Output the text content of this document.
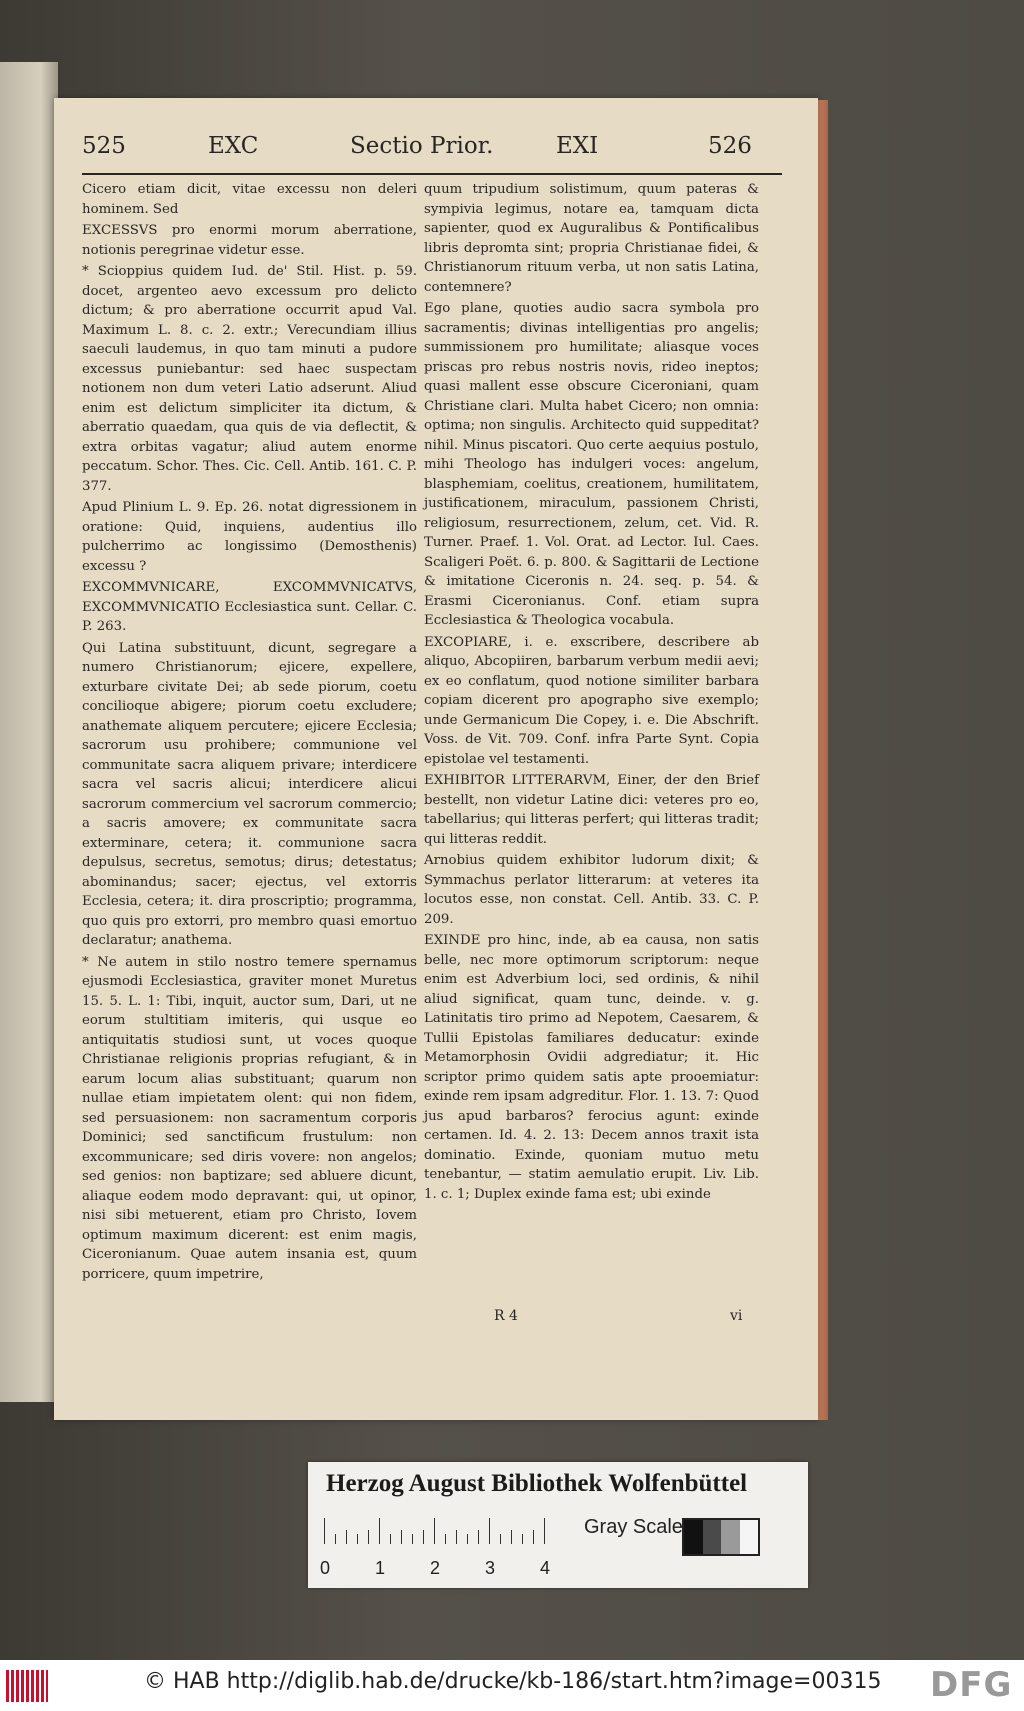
525	EXC	Sectio Prior.	EXI	526

Cicero etiam dicit, vitae excessu non deleri hominem. Sed

EXCESSVS pro enormi morum aberratione, notionis peregrinae videtur esse.

* Scioppius quidem Iud. de' Stil. Hist. p. 59. docet, argenteo aevo excessum pro delicto dictum; & pro aberratione occurrit apud Val. Maximum L. 8. c. 2. extr.; Verecundiam illius saeculi laudemus, in quo tam minuti a pudore excessus puniebantur: sed haec suspectam notionem non dum veteri Latio adserunt. Aliud enim est delictum simpliciter ita dictum, & aberratio quaedam, qua quis de via deflectit, & extra orbitas vagatur; aliud autem enorme peccatum. Schor. Thes. Cic. Cell. Antib. 161. C. P. 377.

Apud Plinium L. 9. Ep. 26. notat digressionem in oratione: Quid, inquiens, audentius illo pulcherrimo ac longissimo (Demosthenis) excessu ?

EXCOMMVNICARE, EXCOMMVNICATVS, EXCOMMVNICATIO Ecclesiastica sunt. Cellar. C. P. 263.

Qui Latina substituunt, dicunt, segregare a numero Christianorum; ejicere, expellere, exturbare civitate Dei; ab sede piorum, coetu concilioque abigere; piorum coetu excludere; anathemate aliquem percutere; ejicere Ecclesia; sacrorum usu prohibere; communione vel communitate sacra aliquem privare; interdicere sacra vel sacris alicui; interdicere alicui sacrorum commercium vel sacrorum commercio; a sacris amovere; ex communitate sacra exterminare, cetera; it. communione sacra depulsus, secretus, semotus; dirus; detestatus; abominandus; sacer; ejectus, vel extorris Ecclesia, cetera; it. dira proscriptio; programma, quo quis pro extorri, pro membro quasi emortuo declaratur; anathema.

* Ne autem in stilo nostro temere spernamus ejusmodi Ecclesiastica, graviter monet Muretus 15. 5. L. 1: Tibi, inquit, auctor sum, Dari, ut ne eorum stultitiam imiteris, qui usque eo antiquitatis studiosi sunt, ut voces quoque Christianae religionis proprias refugiant, & in earum locum alias substituant; quarum non nullae etiam impietatem olent: qui non fidem, sed persuasionem: non sacramentum corporis Dominici; sed sanctificum frustulum: non excommunicare; sed diris vovere: non angelos; sed genios: non baptizare; sed abluere dicunt, aliaque eodem modo depravant: qui, ut opinor, nisi sibi metuerent, etiam pro Christo, Iovem optimum maximum dicerent: est enim magis, Ciceronianum. Quae autem insania est, quum porricere, quum impetrire,

quum tripudium solistimum, quum pateras & sympivia legimus, notare ea, tamquam dicta sapienter, quod ex Auguralibus & Pontificalibus libris depromta sint; propria Christianae fidei, & Christianorum rituum verba, ut non satis Latina, contemnere?

Ego plane, quoties audio sacra symbola pro sacramentis; divinas intelligentias pro angelis; summissionem pro humilitate; aliasque voces priscas pro rebus nostris novis, rideo ineptos; quasi mallent esse obscure Ciceroniani, quam Christiane clari. Multa habet Cicero; non omnia: optima; non singulis. Architecto quid suppeditat? nihil. Minus piscatori. Quo certe aequius postulo, mihi Theologo has indulgeri voces: angelum, blasphemiam, coelitus, creationem, humilitatem, justificationem, miraculum, passionem Christi, religiosum, resurrectionem, zelum, cet. Vid. R. Turner. Praef. 1. Vol. Orat. ad Lector. Iul. Caes. Scaligeri Poët. 6. p. 800. & Sagittarii de Lectione & imitatione Ciceronis n. 24. seq. p. 54. & Erasmi Ciceronianus. Conf. etiam supra Ecclesiastica & Theologica vocabula.

EXCOPIARE, i. e. exscribere, describere ab aliquo, Abcopiiren, barbarum verbum medii aevi; ex eo conflatum, quod notione similiter barbara copiam dicerent pro apographo sive exemplo; unde Germanicum Die Copey, i. e. Die Abschrift. Voss. de Vit. 709. Conf. infra Parte Synt. Copia epistolae vel testamenti.

EXHIBITOR LITTERARVM, Einer, der den Brief bestellt, non videtur Latine dici: veteres pro eo, tabellarius; qui litteras perfert; qui litteras tradit; qui litteras reddit.

Arnobius quidem exhibitor ludorum dixit; & Symmachus perlator litterarum: at veteres ita locutos esse, non constat. Cell. Antib. 33. C. P. 209.

EXINDE pro hinc, inde, ab ea causa, non satis belle, nec more optimorum scriptorum: neque enim est Adverbium loci, sed ordinis, & nihil aliud significat, quam tunc, deinde. v. g. Latinitatis tiro primo ad Nepotem, Caesarem, & Tullii Epistolas familiares deducatur: exinde Metamorphosin Ovidii adgrediatur; it. Hic scriptor primo quidem satis apte prooemiatur: exinde rem ipsam adgreditur. Flor. 1. 13. 7: Quod jus apud barbaros? ferocius agunt: exinde certamen. Id. 4. 2. 13: Decem annos traxit ista dominatio. Exinde, quoniam mutuo metu tenebantur, — statim aemulatio erupit. Liv. Lib. 1. c. 1; Duplex exinde fama est; ubi exinde

R 4	vi
Herzog August Bibliothek Wolfenbüttel
0 1 2 3 4
Gray Scale
© HAB http://diglib.hab.de/drucke/kb-186/start.htm?image=00315 DFG
